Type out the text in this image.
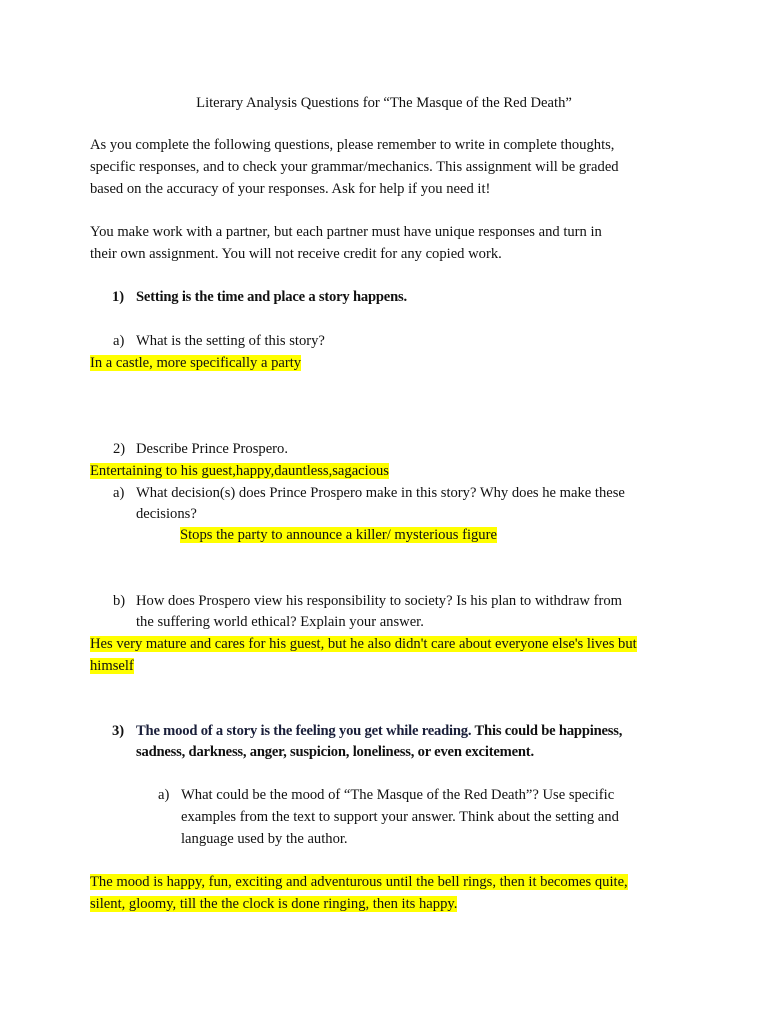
Literary Analysis Questions for “The Masque of the Red Death”
As you complete the following questions, please remember to write in complete thoughts,
specific responses, and to check your grammar/mechanics. This assignment will be graded
based on the accuracy of your responses. Ask for help if you need it!
You make work with a partner, but each partner must have unique responses and turn in
their own assignment. You will not receive credit for any copied work.
1) Setting is the time and place a story happens.
a) What is the setting of this story?
In a castle, more specifically a party
2) Describe Prince Prospero.
Entertaining to his guest,happy,dauntless,sagacious
a) What decision(s) does Prince Prospero make in this story? Why does he make these
decisions?
Stops the party to announce a killer/ mysterious figure
b) How does Prospero view his responsibility to society? Is his plan to withdraw from
the suffering world ethical? Explain your answer.
Hes very mature and cares for his guest, but he also didn't care about everyone else's lives but
himself
3) The mood of a story is the feeling you get while reading. This could be happiness,
sadness, darkness, anger, suspicion, loneliness, or even excitement.
a) What could be the mood of “The Masque of the Red Death”? Use specific
examples from the text to support your answer. Think about the setting and
language used by the author.
The mood is happy, fun, exciting and adventurous until the bell rings, then it becomes quite,
silent, gloomy, till the the clock is done ringing, then its happy.
